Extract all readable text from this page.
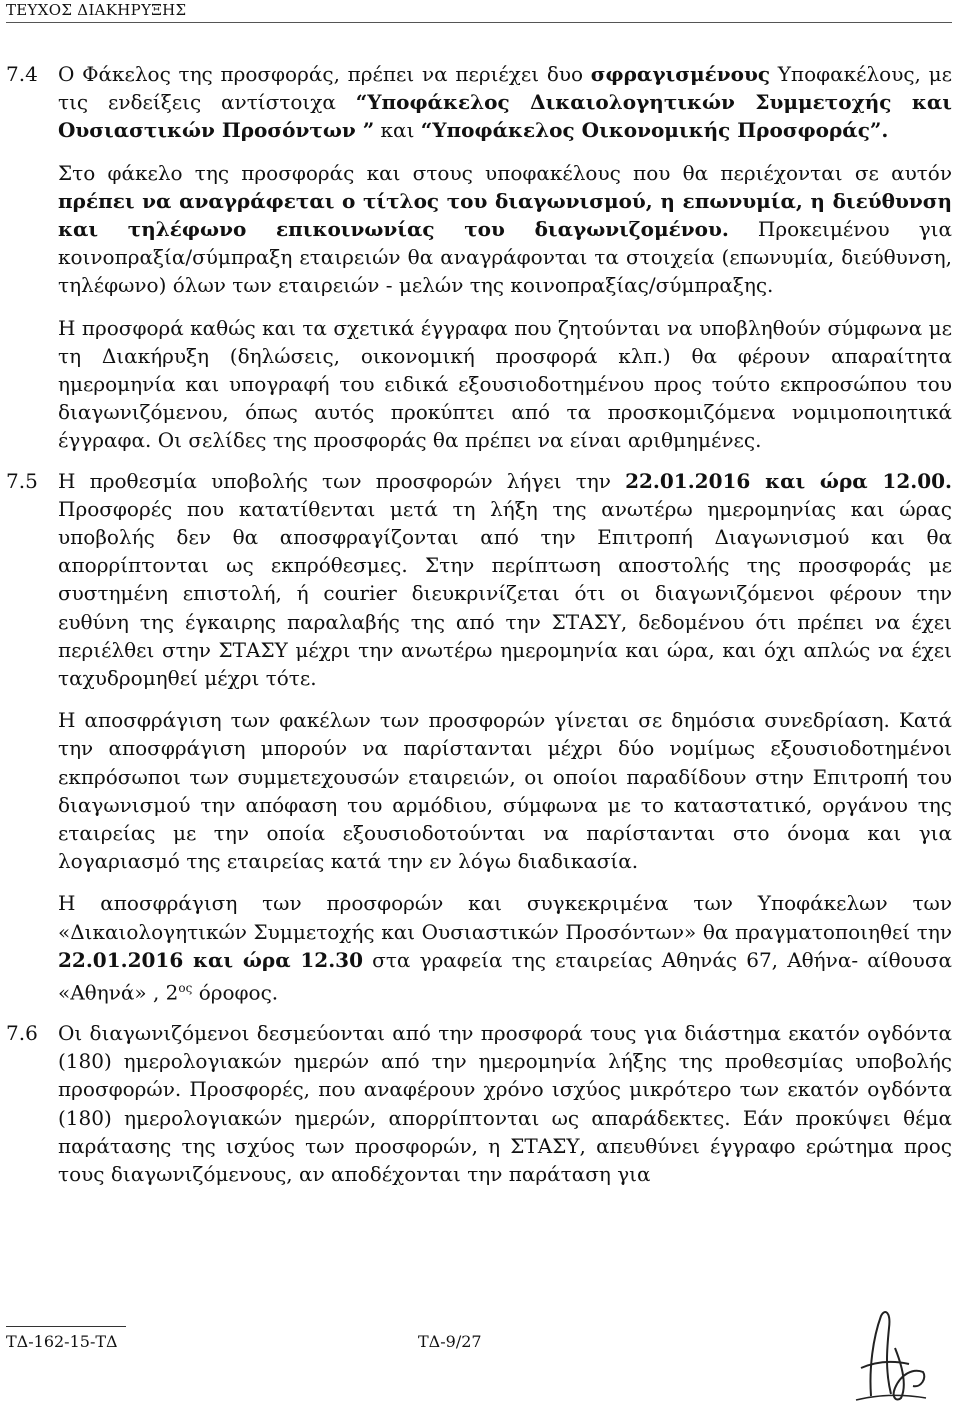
ΤΕΥΧΟΣ ΔΙΑΚΗΡΥΞΗΣ
7.4	Ο Φάκελος της προσφοράς, πρέπει να περιέχει δυο σφραγισμένους Υποφακέλους, με τις ενδείξεις αντίστοιχα “Υποφάκελος Δικαιολογητικών Συμμετοχής και Ουσιαστικών Προσόντων ” και “Υποφάκελος Οικονομικής Προσφοράς”.

Στο φάκελο της προσφοράς και στους υποφακέλους που θα περιέχονται σε αυτόν πρέπει να αναγράφεται ο τίτλος του διαγωνισμού, η επωνυμία, η διεύθυνση και τηλέφωνο επικοινωνίας του διαγωνιζομένου. Προκειμένου για κοινοπραξία/σύμπραξη εταιρειών θα αναγράφονται τα στοιχεία (επωνυμία, διεύθυνση, τηλέφωνο) όλων των εταιρειών - μελών της κοινοπραξίας/σύμπραξης.

Η προσφορά καθώς και τα σχετικά έγγραφα που ζητούνται να υποβληθούν σύμφωνα με τη Διακήρυξη (δηλώσεις, οικονομική προσφορά κλπ.) θα φέρουν απαραίτητα ημερομηνία και υπογραφή του ειδικά εξουσιοδοτημένου προς τούτο εκπροσώπου του διαγωνιζόμενου, όπως αυτός προκύπτει από τα προσκομιζόμενα νομιμοποιητικά έγγραφα. Οι σελίδες της προσφοράς θα πρέπει να είναι αριθμημένες.

7.5	Η προθεσμία υποβολής των προσφορών λήγει την 22.01.2016 και ώρα 12.00. Προσφορές που κατατίθενται μετά τη λήξη της ανωτέρω ημερομηνίας και ώρας υποβολής δεν θα αποσφραγίζονται από την Επιτροπή Διαγωνισμού και θα απορρίπτονται ως εκπρόθεσμες. Στην περίπτωση αποστολής της προσφοράς με συστημένη επιστολή, ή courier διευκρινίζεται ότι οι διαγωνιζόμενοι φέρουν την ευθύνη της έγκαιρης παραλαβής της από την ΣΤΑΣΥ, δεδομένου ότι πρέπει να έχει περιέλθει στην ΣΤΑΣΥ μέχρι την ανωτέρω ημερομηνία και ώρα, και όχι απλώς να έχει ταχυδρομηθεί μέχρι τότε.

Η αποσφράγιση των φακέλων των προσφορών γίνεται σε δημόσια συνεδρίαση. Κατά την αποσφράγιση μπορούν να παρίστανται μέχρι δύο νομίμως εξουσιοδοτημένοι εκπρόσωποι των συμμετεχουσών εταιρειών, οι οποίοι παραδίδουν στην Επιτροπή του διαγωνισμού την απόφαση του αρμόδιου, σύμφωνα με το καταστατικό, οργάνου της εταιρείας με την οποία εξουσιοδοτούνται να παρίστανται στο όνομα και για λογαριασμό της εταιρείας κατά την εν λόγω διαδικασία.

Η αποσφράγιση των προσφορών και συγκεκριμένα των Υποφάκελων των «Δικαιολογητικών Συμμετοχής και Ουσιαστικών Προσόντων» θα πραγματοποιηθεί την 22.01.2016 και ώρα 12.30 στα γραφεία της εταιρείας Αθηνάς 67, Αθήνα- αίθουσα «Αθηνά» , $2^{o\varsigma}$ όροφος.

7.6	Οι διαγωνιζόμενοι δεσμεύονται από την προσφορά τους για διάστημα εκατόν ογδόντα (180) ημερολογιακών ημερών από την ημερομηνία λήξης της προθεσμίας υποβολής προσφορών. Προσφορές, που αναφέρουν χρόνο ισχύος μικρότερο των εκατόν ογδόντα (180) ημερολογιακών ημερών, απορρίπτονται ως απαράδεκτες. Εάν προκύψει θέμα παράτασης της ισχύος των προσφορών, η ΣΤΑΣΥ, απευθύνει έγγραφο ερώτημα προς τους διαγωνιζόμενους, αν αποδέχονται την παράταση για

ΤΔ-162-15-ΤΔ	ΤΔ-9/27
